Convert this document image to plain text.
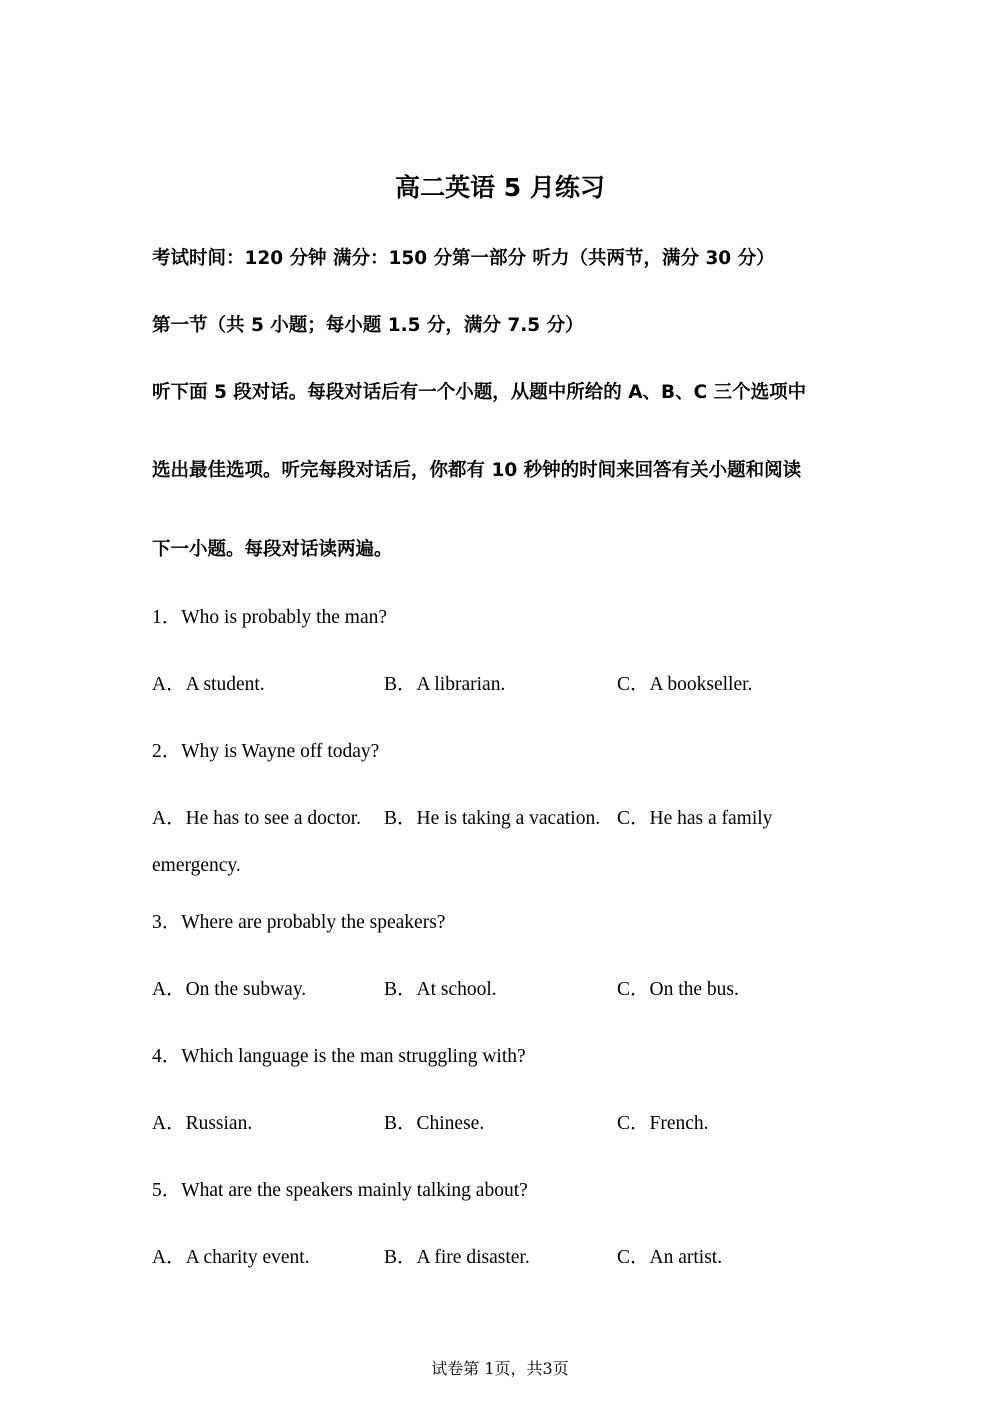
高二英语 5 月练习
考试时间：120 分钟 满分：150 分第一部分 听力（共两节，满分 30 分）
第一节（共 5 小题；每小题 1.5 分，满分 7.5 分）
听下面 5 段对话。每段对话后有一个小题，从题中所给的 A、B、C 三个选项中
选出最佳选项。听完每段对话后，你都有 10 秒钟的时间来回答有关小题和阅读
下一小题。每段对话读两遍。
1．Who is probably the man?
A．A student.	B．A librarian.	C．A bookseller.
2．Why is Wayne off today?
A．He has to see a doctor. B．He is taking a vacation. C．He has a family
emergency.
3．Where are probably the speakers?
A．On the subway.	B．At school.	C．On the bus.
4．Which language is the man struggling with?
A．Russian.	B．Chinese.	C．French.
5．What are the speakers mainly talking about?
A．A charity event.	B．A fire disaster.	C．An artist.
试卷第 1页，共3页
